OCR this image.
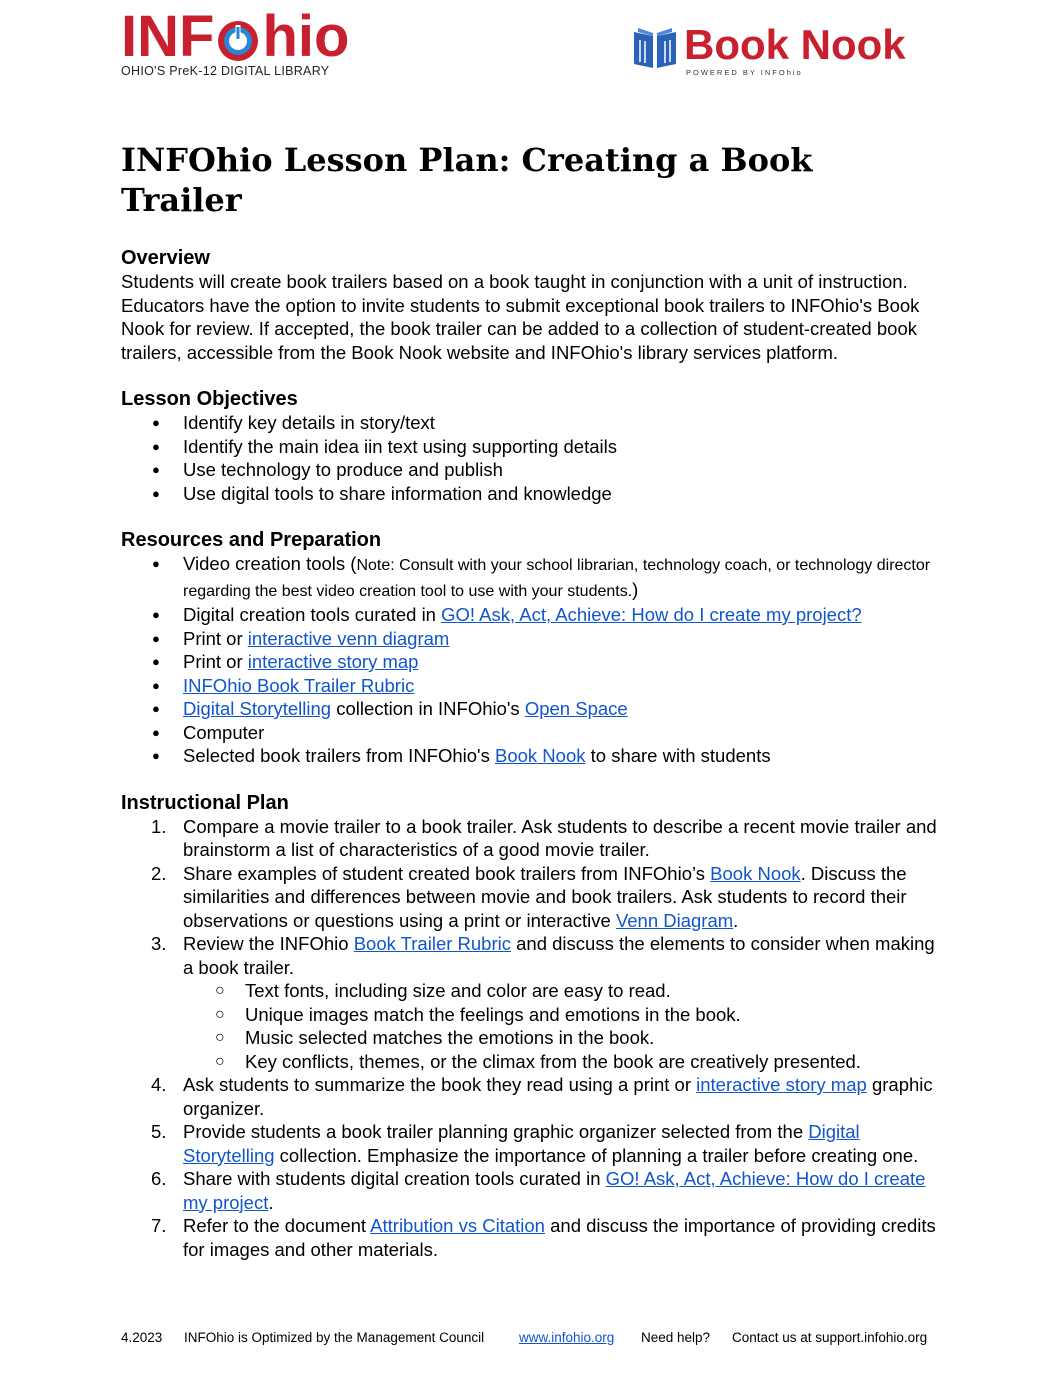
INF hio
OHIO'S PreK-12 DIGITAL LIBRARY
Book Nook
POWERED BY INFOhio
INFOhio Lesson Plan: Creating a Book Trailer
Overview

Students will create book trailers based on a book taught in conjunction with a unit of instruction. Educators have the option to invite students to submit exceptional book trailers to INFOhio's Book Nook for review. If accepted, the book trailer can be added to a collection of student-created book trailers, accessible from the Book Nook website and INFOhio's library services platform.

Lesson Objectives
● Identify key details in story/text
● Identify the main idea iin text using supporting details
● Use technology to produce and publish
● Use digital tools to share information and knowledge
Resources and Preparation
● Video creation tools (Note: Consult with your school librarian, technology coach, or technology director regarding the best video creation tool to use with your students.)
● Digital creation tools curated in GO! Ask, Act, Achieve: How do I create my project?
● Print or interactive venn diagram
● Print or interactive story map
● INFOhio Book Trailer Rubric
● Digital Storytelling collection in INFOhio's Open Space
● Computer
● Selected book trailers from INFOhio's Book Nook to share with students
Instructional Plan
1. Compare a movie trailer to a book trailer. Ask students to describe a recent movie trailer and brainstorm a list of characteristics of a good movie trailer.
2. Share examples of student created book trailers from INFOhio’s Book Nook. Discuss the similarities and differences between movie and book trailers. Ask students to record their observations or questions using a print or interactive Venn Diagram.
3. Review the INFOhio Book Trailer Rubric and discuss the elements to consider when making a book trailer.
○ Text fonts, including size and color are easy to read.
○ Unique images match the feelings and emotions in the book.
○ Music selected matches the emotions in the book.
○ Key conflicts, themes, or the climax from the book are creatively presented.
4. Ask students to summarize the book they read using a print or interactive story map graphic organizer.
5. Provide students a book trailer planning graphic organizer selected from the Digital Storytelling collection. Emphasize the importance of planning a trailer before creating one.
6. Share with students digital creation tools curated in GO! Ask, Act, Achieve: How do I create my project.
7. Refer to the document Attribution vs Citation and discuss the importance of providing credits for images and other materials.
4.2023	INFOhio is Optimized by the Management Council	www.infohio.org	Need help?	Contact us at support.infohio.org
